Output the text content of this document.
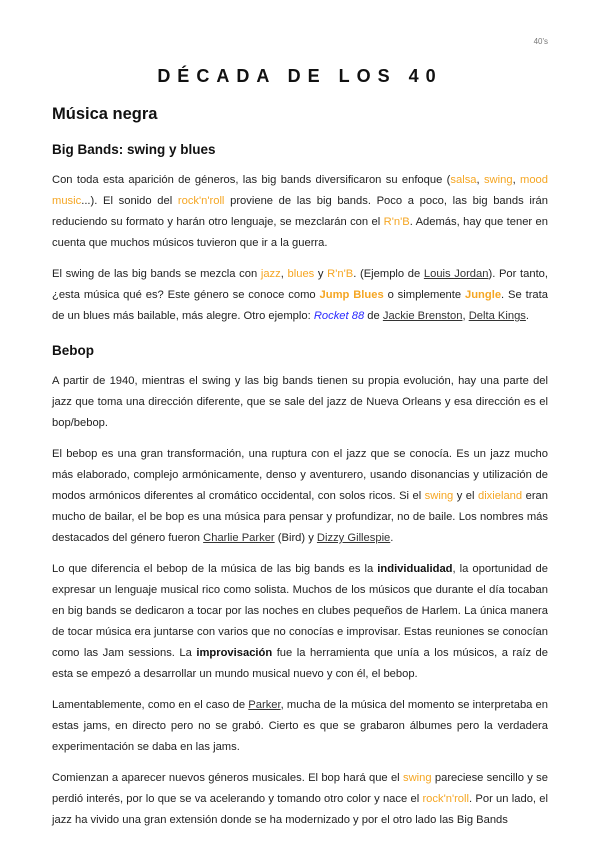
40's
DÉCADA DE LOS 40
Música negra
Big Bands: swing y blues

Con toda esta aparición de géneros, las big bands diversificaron su enfoque (salsa, swing, mood music...). El sonido del rock'n'roll proviene de las big bands. Poco a poco, las big bands irán reduciendo su formato y harán otro lenguaje, se mezclarán con el R'n'B. Además, hay que tener en cuenta que muchos músicos tuvieron que ir a la guerra.

El swing de las big bands se mezcla con jazz, blues y R'n'B. (Ejemplo de Louis Jordan). Por tanto, ¿esta música qué es? Este género se conoce como Jump Blues o simplemente Jungle. Se trata de un blues más bailable, más alegre. Otro ejemplo: Rocket 88 de Jackie Brenston, Delta Kings.

Bebop

A partir de 1940, mientras el swing y las big bands tienen su propia evolución, hay una parte del jazz que toma una dirección diferente, que se sale del jazz de Nueva Orleans y esa dirección es el bop/bebop.

El bebop es una gran transformación, una ruptura con el jazz que se conocía. Es un jazz mucho más elaborado, complejo armónicamente, denso y aventurero, usando disonancias y utilización de modos armónicos diferentes al cromático occidental, con solos ricos. Si el swing y el dixieland eran mucho de bailar, el be bop es una música para pensar y profundizar, no de baile. Los nombres más destacados del género fueron Charlie Parker (Bird) y Dizzy Gillespie.

Lo que diferencia el bebop de la música de las big bands es la individualidad, la oportunidad de expresar un lenguaje musical rico como solista. Muchos de los músicos que durante el día tocaban en big bands se dedicaron a tocar por las noches en clubes pequeños de Harlem. La única manera de tocar música era juntarse con varios que no conocías e improvisar. Estas reuniones se conocían como las Jam sessions. La improvisación fue la herramienta que unía a los músicos, a raíz de esta se empezó a desarrollar un mundo musical nuevo y con él, el bebop.

Lamentablemente, como en el caso de Parker, mucha de la música del momento se interpretaba en estas jams, en directo pero no se grabó. Cierto es que se grabaron álbumes pero la verdadera experimentación se daba en las jams.

Comienzan a aparecer nuevos géneros musicales. El bop hará que el swing pareciese sencillo y se perdió interés, por lo que se va acelerando y tomando otro color y nace el rock'n'roll. Por un lado, el jazz ha vivido una gran extensión donde se ha modernizado y por el otro lado las Big Bands
